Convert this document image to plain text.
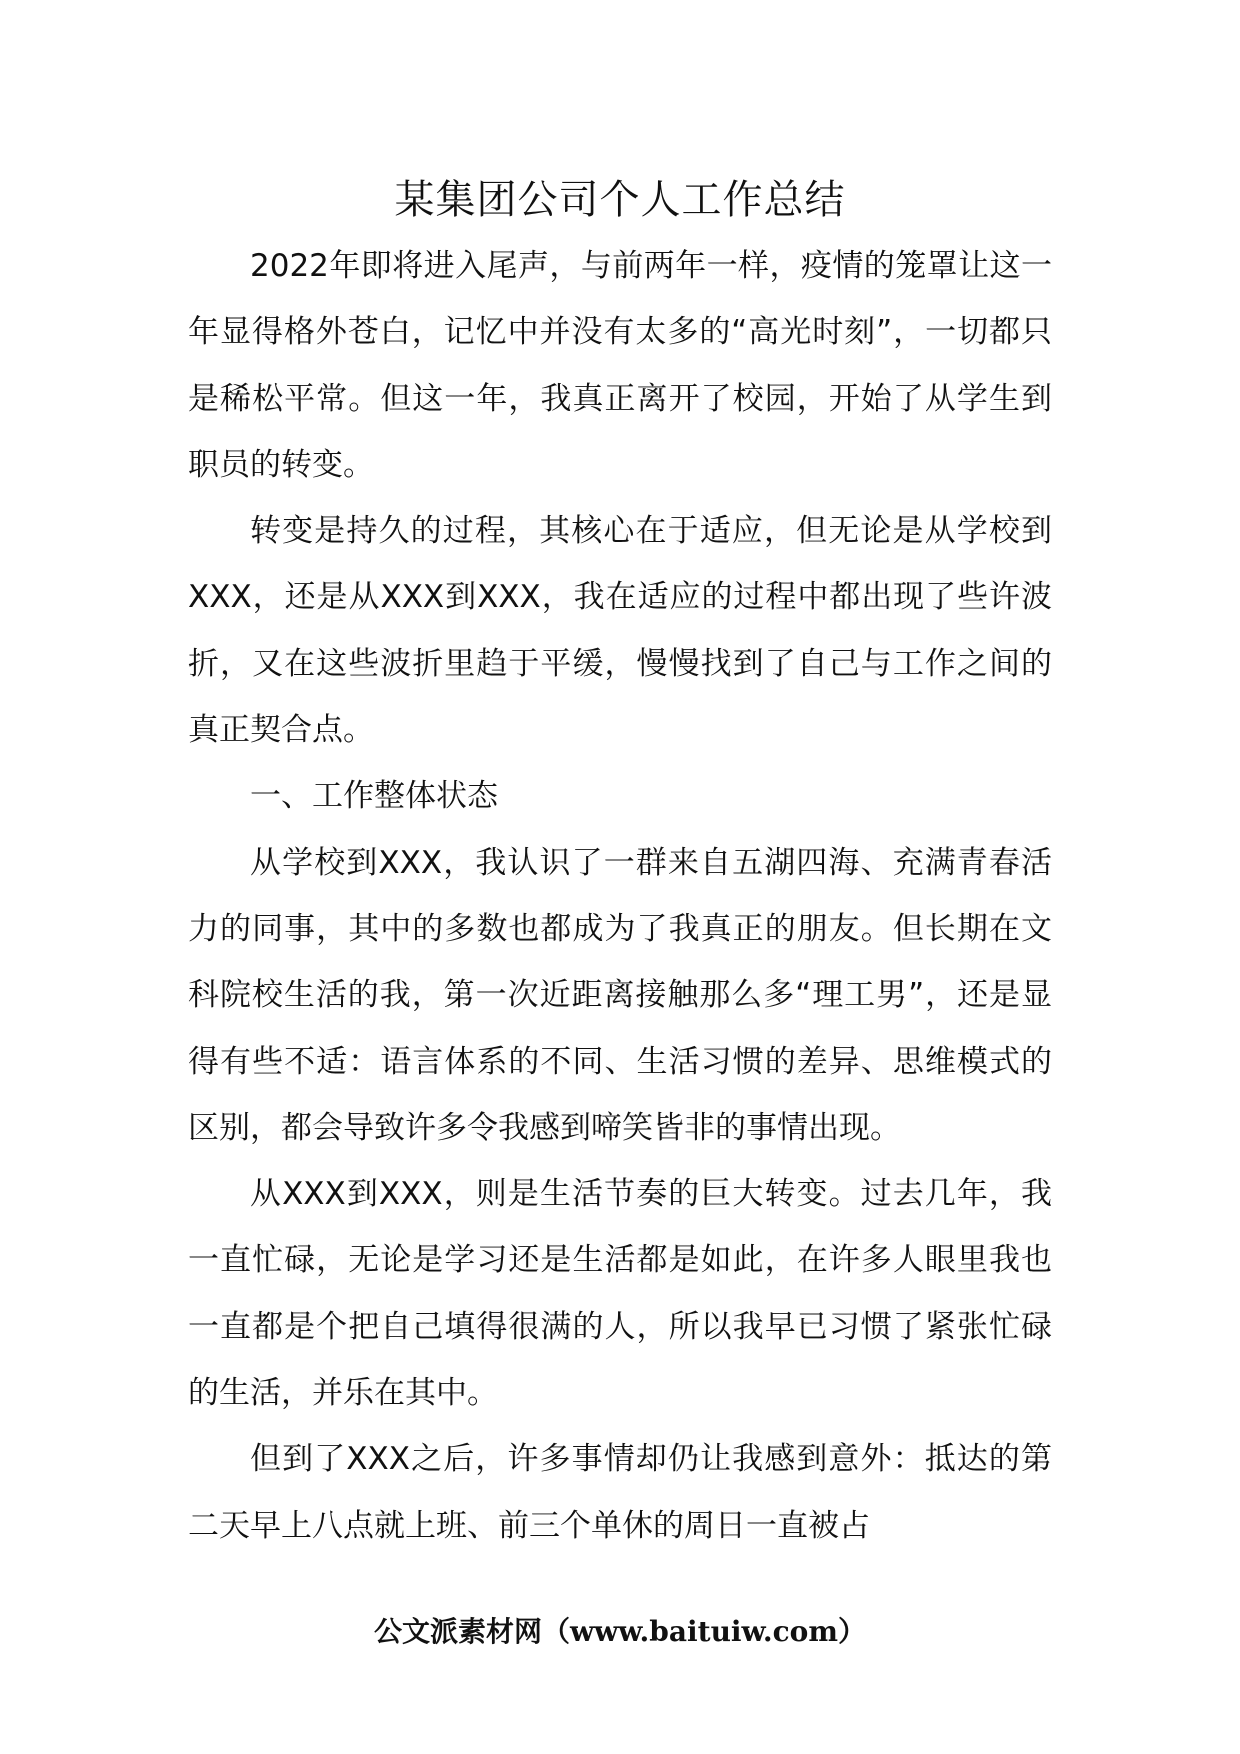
某集团公司个人工作总结

2022年即将进入尾声，与前两年一样，疫情的笼罩让这一年显得格外苍白，记忆中并没有太多的“高光时刻”，一切都只是稀松平常。但这一年，我真正离开了校园，开始了从学生到职员的转变。

转变是持久的过程，其核心在于适应，但无论是从学校到XXX，还是从XXX到XXX，我在适应的过程中都出现了些许波折，又在这些波折里趋于平缓，慢慢找到了自己与工作之间的真正契合点。

一、工作整体状态

从学校到XXX，我认识了一群来自五湖四海、充满青春活力的同事，其中的多数也都成为了我真正的朋友。但长期在文科院校生活的我，第一次近距离接触那么多“理工男”，还是显得有些不适：语言体系的不同、生活习惯的差异、思维模式的区别，都会导致许多令我感到啼笑皆非的事情出现。

从XXX到XXX，则是生活节奏的巨大转变。过去几年，我一直忙碌，无论是学习还是生活都是如此，在许多人眼里我也一直都是个把自己填得很满的人，所以我早已习惯了紧张忙碌的生活，并乐在其中。

但到了XXX之后，许多事情却仍让我感到意外：抵达的第二天早上八点就上班、前三个单休的周日一直被占

公文派素材网（www.baituiw.com）
